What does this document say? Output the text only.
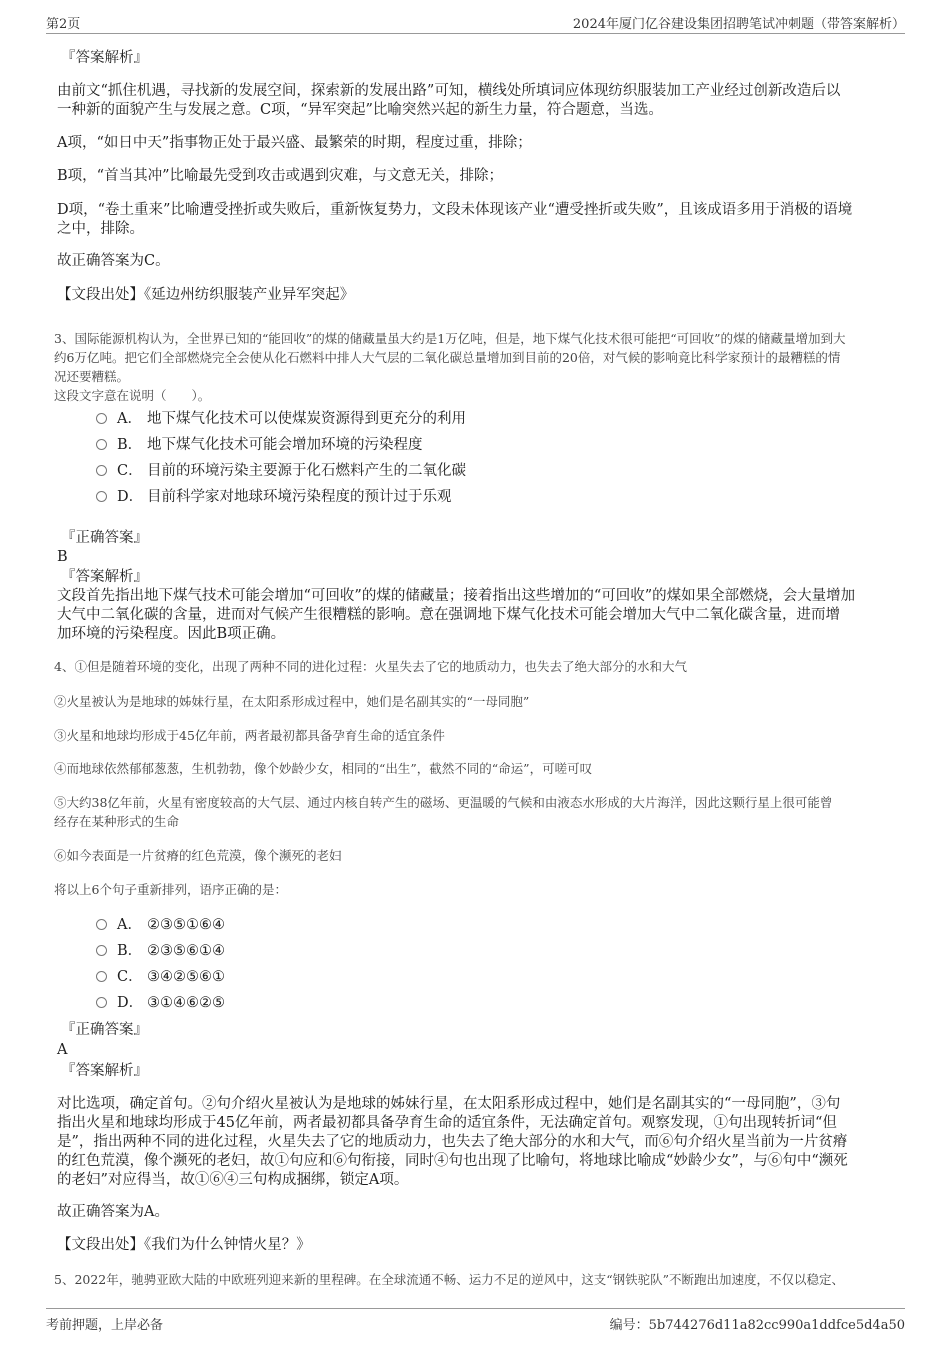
第2页	2024年厦门亿谷建设集团招聘笔试冲刺题（带答案解析）
『答案解析』
由前文“抓住机遇，寻找新的发展空间，探索新的发展出路”可知，横线处所填词应体现纺织服装加工产业经过创新改造后以
一种新的面貌产生与发展之意。C项，“异军突起”比喻突然兴起的新生力量，符合题意，当选。
A项，“如日中天”指事物正处于最兴盛、最繁荣的时期，程度过重，排除；
B项，“首当其冲”比喻最先受到攻击或遇到灾难，与文意无关，排除；
D项，“卷土重来”比喻遭受挫折或失败后，重新恢复势力，文段未体现该产业“遭受挫折或失败”，且该成语多用于消极的语境
之中，排除。
故正确答案为C。
【文段出处】《延边州纺织服装产业异军突起》
3、国际能源机构认为，全世界已知的“能回收”的煤的储藏量虽大约是1万亿吨，但是，地下煤气化技术很可能把“可回收”的煤的储藏量增加到大
约6万亿吨。把它们全部燃烧完全会使从化石燃料中排人大气层的二氧化碳总量增加到目前的20倍，对气候的影响竟比科学家预计的最糟糕的情
况还要糟糕。
这段文字意在说明（　　）。
A． 地下煤气化技术可以使煤炭资源得到更充分的利用
B． 地下煤气化技术可能会增加环境的污染程度
C． 目前的环境污染主要源于化石燃料产生的二氧化碳
D． 目前科学家对地球环境污染程度的预计过于乐观
『正确答案』
B
『答案解析』
文段首先指出地下煤气技术可能会增加“可回收”的煤的储藏量；接着指出这些增加的“可回收”的煤如果全部燃烧，会大量增加
大气中二氧化碳的含量，进而对气候产生很糟糕的影响。意在强调地下煤气化技术可能会增加大气中二氧化碳含量，进而增
加环境的污染程度。因此B项正确。
4、①但是随着环境的变化，出现了两种不同的进化过程：火星失去了它的地质动力，也失去了绝大部分的水和大气
②火星被认为是地球的姊妹行星，在太阳系形成过程中，她们是名副其实的“一母同胞”
③火星和地球均形成于45亿年前，两者最初都具备孕育生命的适宜条件
④而地球依然郁郁葱葱，生机勃勃，像个妙龄少女，相同的“出生”，截然不同的“命运”，可嗟可叹
⑤大约38亿年前，火星有密度较高的大气层、通过内核自转产生的磁场、更温暖的气候和由液态水形成的大片海洋，因此这颗行星上很可能曾
经存在某种形式的生命
⑥如今表面是一片贫瘠的红色荒漠，像个濒死的老妇
将以上6个句子重新排列，语序正确的是：
A． ②③⑤①⑥④
B． ②③⑤⑥①④
C． ③④②⑤⑥①
D． ③①④⑥②⑤
『正确答案』
A
『答案解析』
对比选项，确定首句。②句介绍火星被认为是地球的姊妹行星，在太阳系形成过程中，她们是名副其实的“一母同胞”，③句
指出火星和地球均形成于45亿年前，两者最初都具备孕育生命的适宜条件，无法确定首句。观察发现，①句出现转折词“但
是”，指出两种不同的进化过程，火星失去了它的地质动力，也失去了绝大部分的水和大气，而⑥句介绍火星当前为一片贫瘠
的红色荒漠，像个濒死的老妇，故①句应和⑥句衔接，同时④句也出现了比喻句，将地球比喻成“妙龄少女”，与⑥句中“濒死
的老妇”对应得当，故①⑥④三句构成捆绑，锁定A项。
故正确答案为A。
【文段出处】《我们为什么钟情火星？》
5、2022年，驰骋亚欧大陆的中欧班列迎来新的里程碑。在全球流通不畅、运力不足的逆风中，这支“钢铁驼队”不断跑出加速度，不仅以稳定、
考前押题，上岸必备	编号：5b744276d11a82cc990a1ddfce5d4a50
